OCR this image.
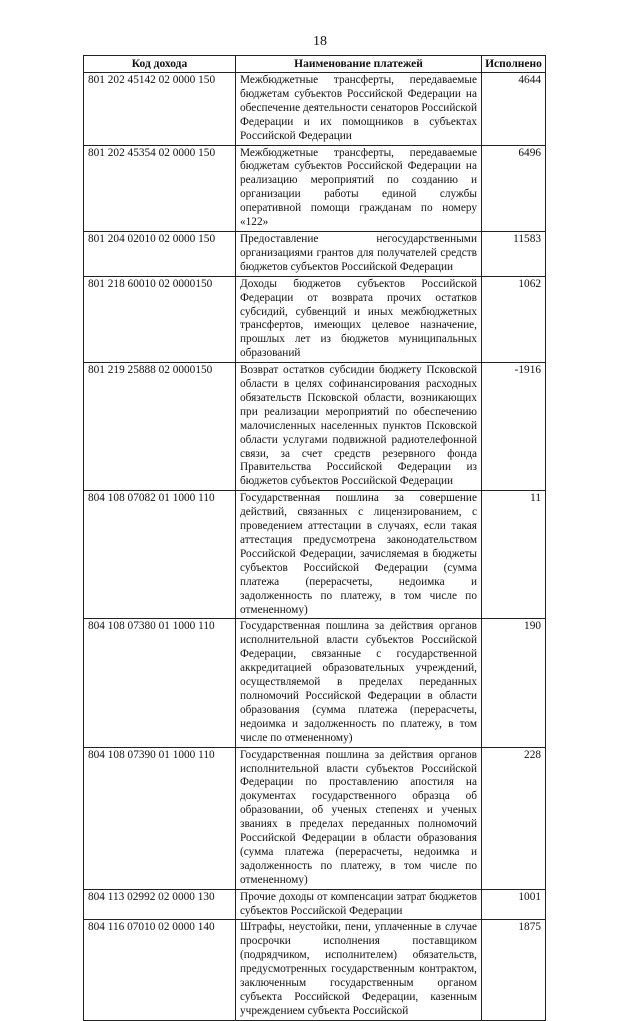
18
Код дохода	Наименование платежей	Исполнено
801 202 45142 02 0000 150	Межбюджетные трансферты, передаваемые бюджетам субъектов Российской Федерации на обеспечение деятельности сенаторов Российской Федерации и их помощников в субъектах Российской Федерации	4644
801 202 45354 02 0000 150	Межбюджетные трансферты, передаваемые бюджетам субъектов Российской Федерации на реализацию мероприятий по созданию и организации работы единой службы оперативной помощи гражданам по номеру «122»	6496
801 204 02010 02 0000 150	Предоставление негосударственными организациями грантов для получателей средств бюджетов субъектов Российской Федерации	11583
801 218 60010 02 0000150	Доходы бюджетов субъектов Российской Федерации от возврата прочих остатков субсидий, субвенций и иных межбюджетных трансфертов, имеющих целевое назначение, прошлых лет из бюджетов муниципальных образований	1062
801 219 25888 02 0000150	Возврат остатков субсидии бюджету Псковской области в целях софинансирования расходных обязательств Псковской области, возникающих при реализации мероприятий по обеспечению малочисленных населенных пунктов Псковской области услугами подвижной радиотелефонной связи, за счет средств резервного фонда Правительства Российской Федерации из бюджетов субъектов Российской Федерации	-1916
804 108 07082 01 1000 110	Государственная пошлина за совершение действий, связанных с лицензированием, с проведением аттестации в случаях, если такая аттестация предусмотрена законодательством Российской Федерации, зачисляемая в бюджеты субъектов Российской Федерации (сумма платежа (перерасчеты, недоимка и задолженность по платежу, в том числе по отмененному)	11
804 108 07380 01 1000 110	Государственная пошлина за действия органов исполнительной власти субъектов Российской Федерации, связанные с государственной аккредитацией образовательных учреждений, осуществляемой в пределах переданных полномочий Российской Федерации в области образования (сумма платежа (перерасчеты, недоимка и задолженность по платежу, в том числе по отмененному)	190
804 108 07390 01 1000 110	Государственная пошлина за действия органов исполнительной власти субъектов Российской Федерации по проставлению апостиля на документах государственного образца об образовании, об ученых степенях и ученых званиях в пределах переданных полномочий Российской Федерации в области образования (сумма платежа (перерасчеты, недоимка и задолженность по платежу, в том числе по отмененному)	228
804 113 02992 02 0000 130	Прочие доходы от компенсации затрат бюджетов субъектов Российской Федерации	1001
804 116 07010 02 0000 140	Штрафы, неустойки, пени, уплаченные в случае просрочки исполнения поставщиком (подрядчиком, исполнителем) обязательств, предусмотренных государственным контрактом, заключенным государственным органом субъекта Российской Федерации, казенным учреждением субъекта Российской	1875
